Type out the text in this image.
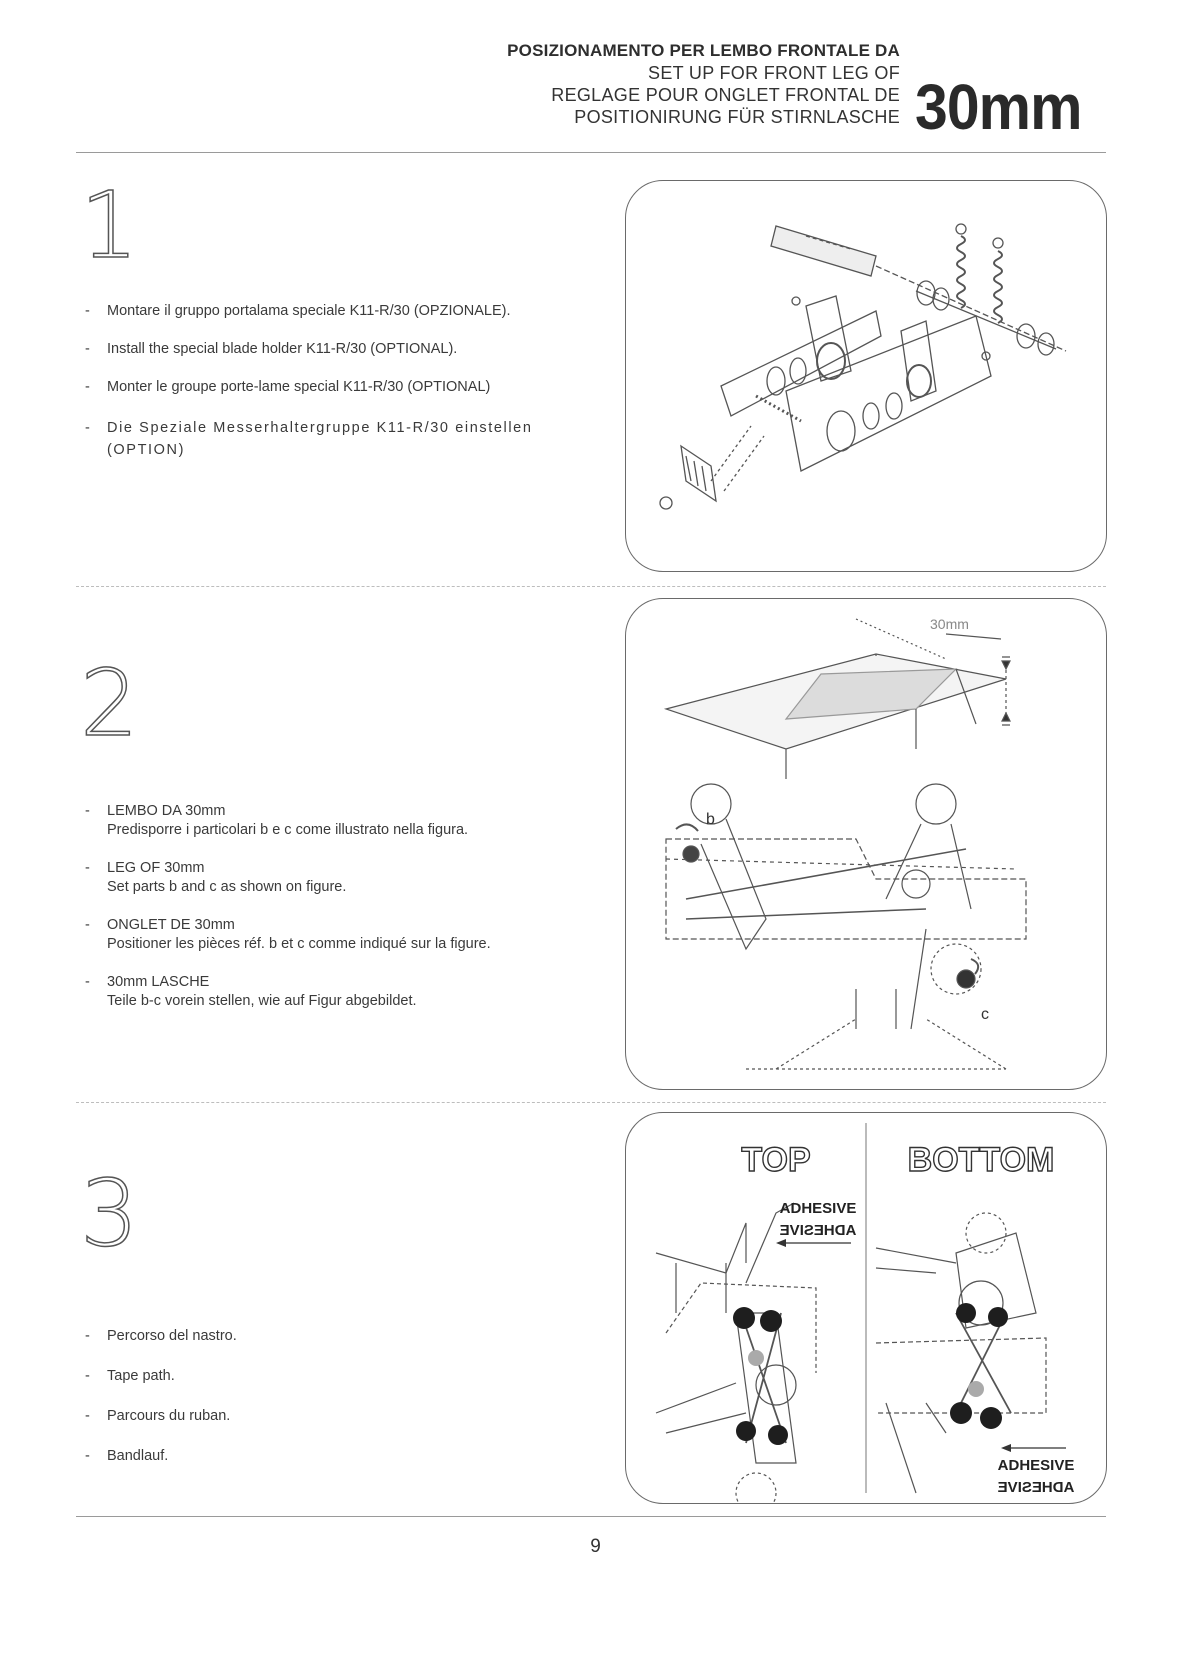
POSIZIONAMENTO PER LEMBO FRONTALE DA
SET UP FOR FRONT LEG OF
REGLAGE POUR ONGLET FRONTAL DE
POSITIONIRUNG FÜR STIRNLASCHE 30mm
1
- Montare il gruppo portalama speciale K11-R/30 (OPZIONALE).
- Install the special blade holder K11-R/30 (OPTIONAL).
- Monter le groupe porte-lame special K11-R/30 (OPTIONAL)
- Die Speziale Messerhaltergruppe K11-R/30 einstellen (OPTION)
2
- LEMBO DA 30mm
Predisporre i particolari b e c come illustrato nella figura.
- LEG OF 30mm
Set parts b and c as shown on figure.
- ONGLET DE 30mm
Positioner les pièces réf. b et c comme indiqué sur la figure.
- 30mm LASCHE
Teile b-c vorein stellen, wie auf Figur abgebildet.
30mm
b
c
3
- Percorso del nastro.
- Tape path.
- Parcours du ruban.
- Bandlauf.
TOP	BOTTOM
ADHESIVE
ADHESIVE
ADHESIVE
ADHESIVE
9
